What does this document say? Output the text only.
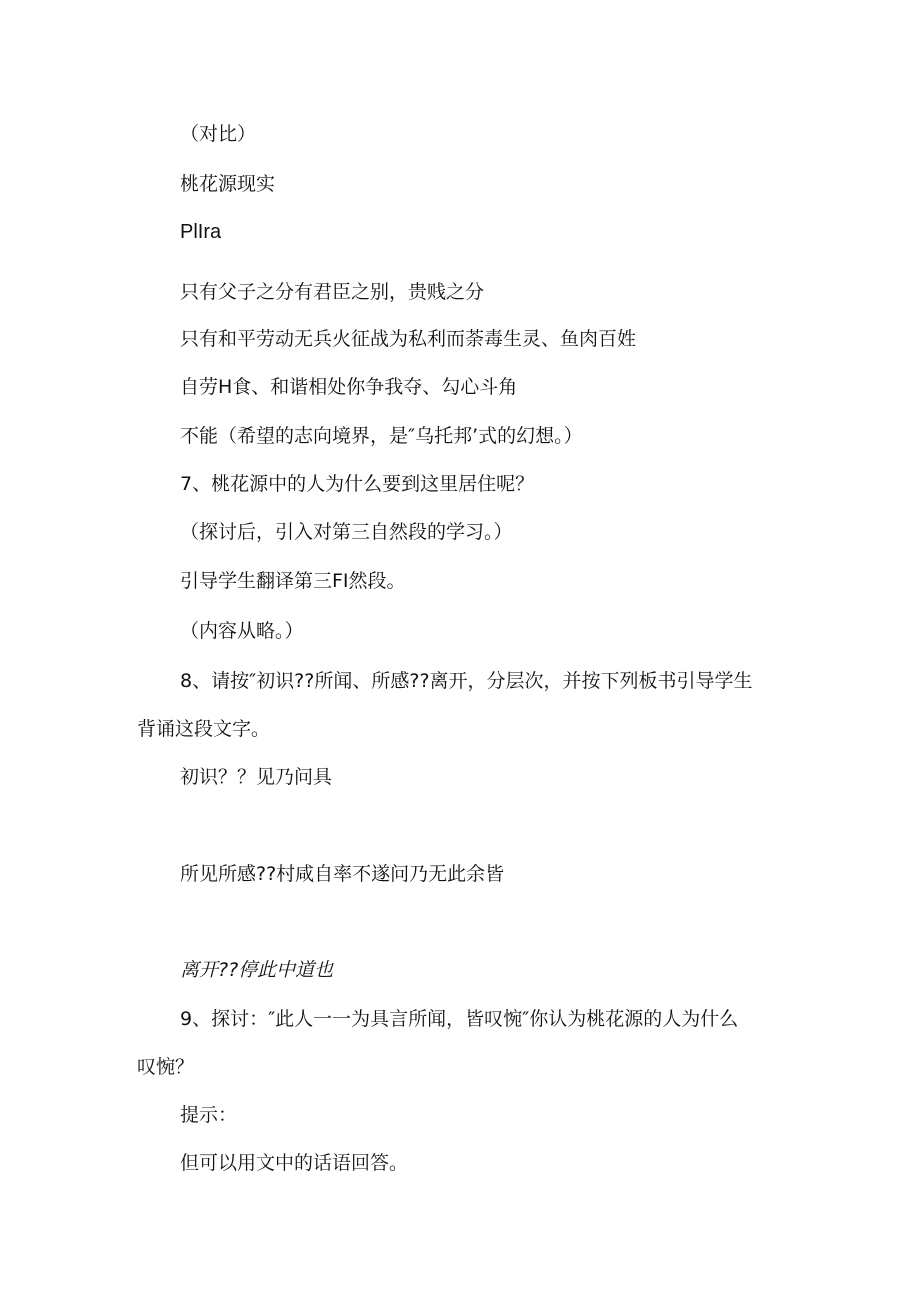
（对比）
桃花源现实
PlIra
只有父子之分有君臣之别，贵贱之分
只有和平劳动无兵火征战为私利而荼毒生灵、鱼肉百姓
自劳H食、和谐相处你争我夺、勾心斗角
不能（希望的志向境界，是″乌托邦’式的幻想。）
7、桃花源中的人为什么要到这里居住呢？
（探讨后，引入对第三自然段的学习。）
引导学生翻译第三FI然段。
（内容从略。）
8、请按″初识??所闻、所感??离开，分层次，并按下列板书引导学生
背诵这段文字。
初识？？见乃问具
所见所感??村咸自率不遂问乃无此余皆
离开??停此中道也
9、探讨：″此人一一为具言所闻，皆叹惋″你认为桃花源的人为什么
叹惋？
提示：
但可以用文中的话语回答。
